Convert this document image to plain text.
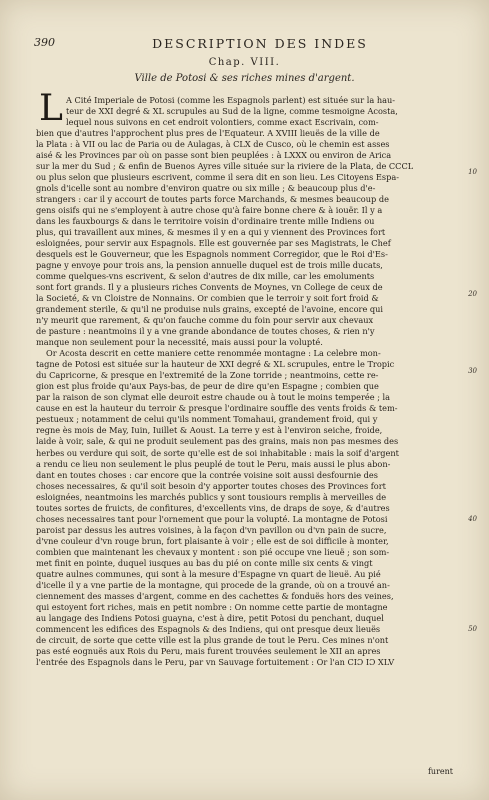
390	DESCRIPTION DES INDES
Chap. VIII.
Ville de Potosi & ses riches mines d'argent.
L A Cité Imperiale de Potosi (comme les Espagnols parlent) est située sur la hau-
teur de XXI degré & XL scrupules au Sud de la ligne, comme tesmoigne Acosta,
lequel nous suivons en cet endroit volontiers, comme exact Escrivain, com-
bien que d'autres l'approchent plus pres de l'Equateur. A XVIII lieuës de la ville de
la Plata : à VII ou lac de Paria ou de Aulagas, à CLX de Cusco, où le chemin est asses
aisé & les Provinces par où on passe sont bien peuplées : à LXXX ou environ de Arica
sur la mer du Sud ; & enfin de Buenos Ayres ville située sur la riviere de la Plata, de CCCL
ou plus selon que plusieurs escrivent, comme il sera dit en son lieu. Les Citoyens Espa-
gnols d'icelle sont au nombre d'environ quatre ou six mille ; & beaucoup plus d'e-
strangers : car il y accourt de toutes parts force Marchands, & mesmes beaucoup de
gens oisifs qui ne s'employent à autre chose qu'à faire bonne chere & à iouër. Il y a
dans les fauxbourgs & dans le territoire voisin d'ordinaire trente mille Indiens ou
plus, qui travaillent aux mines, & mesmes il y en a qui y viennent des Provinces fort
esloignées, pour servir aux Espagnols. Elle est gouvernée par ses Magistrats, le Chef
desquels est le Gouverneur, que les Espagnols nomment Corregidor, que le Roi d'Es-
pagne y envoye pour trois ans, la pension annuelle duquel est de trois mille ducats,
comme quelques-vns escrivent, & selon d'autres de dix mille, car les emoluments
sont fort grands. Il y a plusieurs riches Convents de Moynes, vn College de ceux de
la Societé, & vn Cloistre de Nonnains. Or combien que le terroir y soit fort froid &
grandement sterile, & qu'il ne produise nuls grains, excepté de l'avoine, encore qui
n'y meurit que rarement, & qu'on fauche comme du foin pour servir aux chevaux
de pasture : neantmoins il y a vne grande abondance de toutes choses, & rien n'y
manque non seulement pour la necessité, mais aussi pour la volupté.
Or Acosta descrit en cette maniere cette renommée montagne : La celebre mon-
tagne de Potosi est située sur la hauteur de XXI degré & XL scrupules, entre le Tropic
du Capricorne, & presque en l'extremité de la Zone torride ; neantmoins, cette re-
gion est plus froide qu'aux Pays-bas, de peur de dire qu'en Espagne ; combien que
par la raison de son clymat elle deuroit estre chaude ou à tout le moins temperée ; la
cause en est la hauteur du terroir & presque l'ordinaire souffle des vents froids & tem-
pestueux ; notamment de celui qu'ils nomment Tomahaui, grandement froid, qui y
regne ès mois de May, Iuin, Iuillet & Aoust. La terre y est à l'environ seiche, froide,
laide à voir, sale, & qui ne produit seulement pas des grains, mais non pas mesmes des
herbes ou verdure qui soit, de sorte qu'elle est de soi inhabitable : mais la soif d'argent
a rendu ce lieu non seulement le plus peuplé de tout le Peru, mais aussi le plus abon-
dant en toutes choses : car encore que la contrée voisine soit aussi desfournie des
choses necessaires, & qu'il soit besoin d'y apporter toutes choses des Provinces fort
esloignées, neantmoins les marchés publics y sont tousiours remplis à merveilles de
toutes sortes de fruicts, de confitures, d'excellents vins, de draps de soye, & d'autres
choses necessaires tant pour l'ornement que pour la volupté. La montagne de Potosi
paroist par dessus les autres voisines, à la façon d'vn pavillon ou d'vn pain de sucre,
d'vne couleur d'vn rouge brun, fort plaisante à voir ; elle est de soi difficile à monter,
combien que maintenant les chevaux y montent : son pié occupe vne lieuë ; son som-
met finit en pointe, duquel iusques au bas du pié on conte mille six cents & vingt
quatre aulnes communes, qui sont à la mesure d'Espagne vn quart de lieuë. Au pié
d'icelle il y a vne partie de la montagne, qui procede de la grande, où on a trouvé an-
ciennement des masses d'argent, comme en des cachettes & fonduës hors des veines,
qui estoyent fort riches, mais en petit nombre : On nomme cette partie de montagne
au langage des Indiens Potosi guayna, c'est à dire, petit Potosi du penchant, duquel
commencent les edifices des Espagnols & des Indiens, qui ont presque deux lieuës
de circuit, de sorte que cette ville est la plus grande de tout le Peru. Ces mines n'ont
pas esté eognuës aux Rois du Peru, mais furent trouvées seulement le XII an apres
l'entrée des Espagnols dans le Peru, par vn Sauvage fortuitement : Or l'an CIƆ IƆ XLV
10
20
30
40
50
furent
